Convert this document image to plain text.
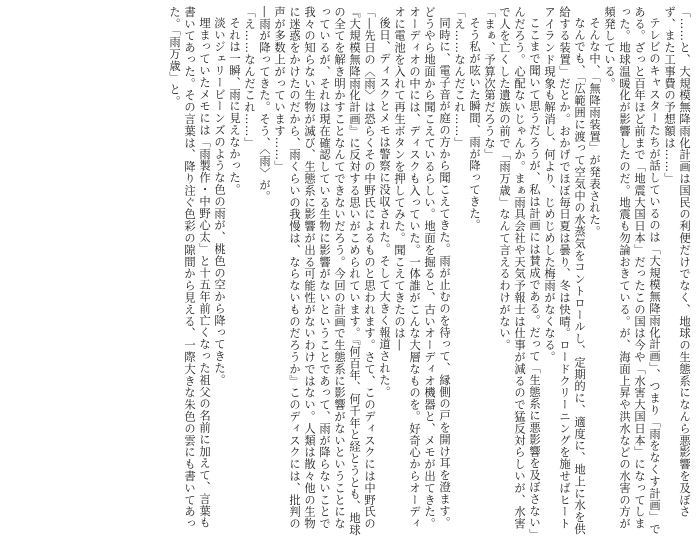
「……と、大規模無降雨化計画は国民の利便だけでなく、地球の生態系になんら悪影響を及ぼさず、また工事費の予想額は……」

テレビのキャスターたちが話しているのは「大規模無降雨化計画」、つまり「雨をなくす計画」である。ざっと百年ほど前まで「地震大国日本」だったこの国は今や「水害大国日本」になってしまった。地球温暖化が影響したのだ。地震も勿論おきている。が、海面上昇や洪水などの水害の方が頻発している。

そんな中、「無降雨装置」が発表された。

なんでも、「広範囲に渡って空気中の水蒸気をコントロールし、定期的に、適度に、地上に水を供給する装置」だとか。おかげでほぼ毎日夏は曇り、冬は快晴。ロードクリーニングを施せばヒートアイランド現象も解消し、何より、じめじめした梅雨がなくなる。

ここまで聞いて思うだろうが、私は計画には賛成である。だって「生態系に悪影響を及ぼさない」んだろう。心配ないじゃんか。まぁ雨具会社や天気予報士は仕事が減るので猛反対らしいが、水害で人を亡くした遺族の前で「雨万歳」なんて言えるわけがない。

「まぁ、予算次第だろうな」

そう私が呟いた瞬間、雨が降ってきた。

「え……なんだこれ……」

同時に、電子音が庭の方から聞こえてきた。雨が止むのを待って、縁側の戸を開け耳を澄ます。どうやら地面から聞こえているらしい。地面を掘ると、古いオーディオ機器と、メモが出てきた。オーディオの中には、ディスクも入っていた。一体誰がこんな大層なものを。好奇心からオーディオに電池を入れて再生ボタンを押してみた。聞こえてきたのは―

後日、ディスクとメモは警察に没収された。そして大きく報道された。

「―先日の〈雨〉は恐らくその中野氏によるものと思われます。さて、このディスクには中野氏の『大規模無降雨化計画』に反対する思いがこめられています。『何百年、何千年と経とうとも、地球の全てを解き明かすことなんてできないだろう。今回の計画で生態系に影響がないということになっているが、それは現在確認している生物に影響がないということであって、雨が降らないことで我々の知らない生物が滅び、生態系に影響が出る可能性がないわけではない。人類は散々他の生物に迷惑をかけたのだから、雨くらいの我慢は、ならないものだろうか』このディスクには、批判の声が多数上がっています……」

―雨が降ってきた。そう、〈雨〉が。

「え……なんだこれ……」

それは一瞬、雨に見えなかった。

淡いジェリービーンズのような色の雨が、桃色の空から降ってきた。

埋まっていたメモには「雨製作・中野心太」と十五年前亡くなった祖父の名前に加えて、言葉も書いてあった。その言葉は、降り注ぐ色彩の隙間から見える、一際大きな朱色の雲にも書いてあった。「雨万歳」と。
